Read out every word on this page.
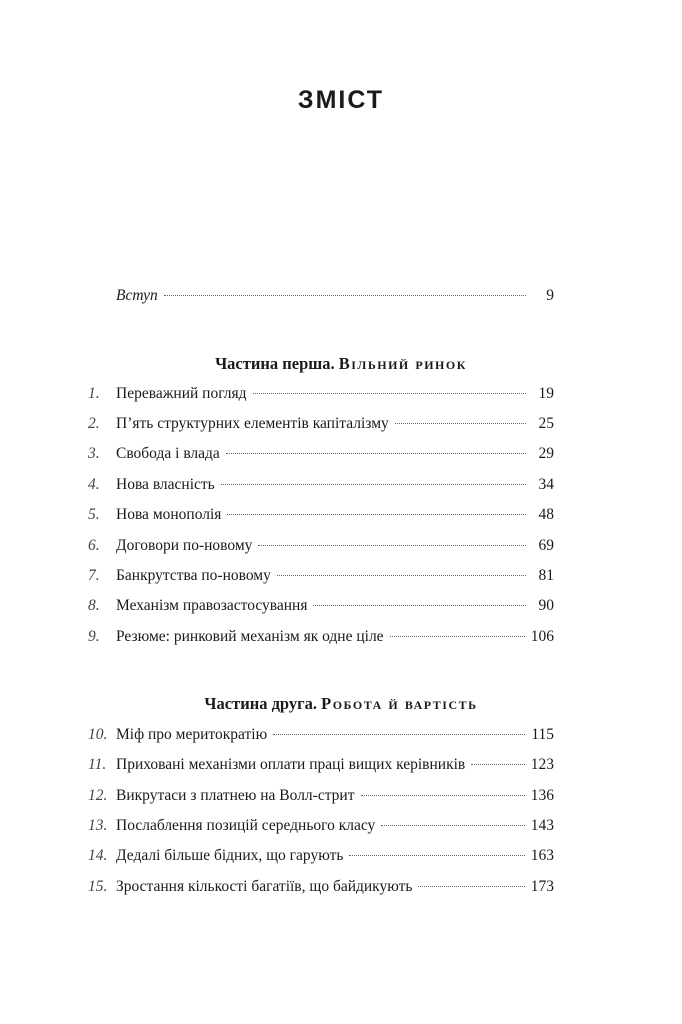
ЗМІСТ
Вступ	9
Частина перша. Вільний ринок
1.	Переважний погляд	19
2.	П’ять структурних елементів капіталізму	25
3.	Свобода і влада	29
4.	Нова власність	34
5.	Нова монополія	48
6.	Договори по-новому	69
7.	Банкрутства по-новому	81
8.	Механізм правозастосування	90
9.	Резюме: ринковий механізм як одне ціле	106
Частина друга. Робота й вартість
10. Міф про меритократію	115
11. Приховані механізми оплати праці вищих керівників	123
12. Викрутаси з платнею на Волл-стрит	136
13. Послаблення позицій середнього класу	143
14. Дедалі більше бідних, що гарують	163
15. Зростання кількості багатіїв, що байдикують	173
